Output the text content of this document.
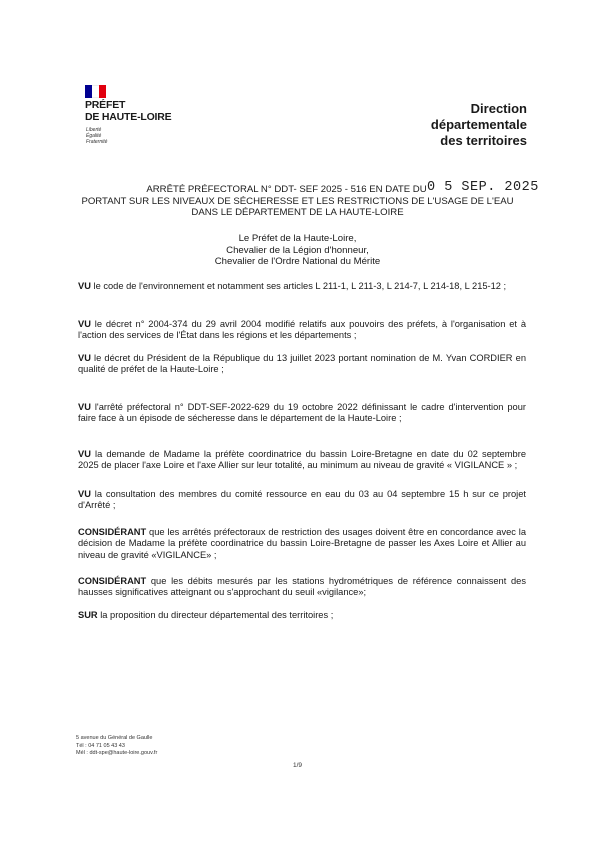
PRÉFET
DE HAUTE-LOIRE
Liberté
Égalité
Fraternité
Direction
départementale
des territoires
ARRÊTÉ PRÉFECTORAL N° DDT- SEF 2025 - 516 EN DATE DU
PORTANT SUR LES NIVEAUX DE SÉCHERESSE ET LES RESTRICTIONS DE L'USAGE DE L'EAU
DANS LE DÉPARTEMENT DE LA HAUTE-LOIRE
0 5 SEP. 2025
Le Préfet de la Haute-Loire,
Chevalier de la Légion d'honneur,
Chevalier de l'Ordre National du Mérite
VU le code de l'environnement et notamment ses articles L 211-1, L 211-3, L 214-7, L 214-18, L 215-12 ;
VU le décret n° 2004-374 du 29 avril 2004 modifié relatifs aux pouvoirs des préfets, à l'organisation et à l'action des services de l'État dans les régions et les départements ;
VU le décret du Président de la République du 13 juillet 2023 portant nomination de M. Yvan CORDIER en qualité de préfet de la Haute-Loire ;
VU l'arrêté préfectoral n° DDT-SEF-2022-629 du 19 octobre 2022 définissant le cadre d'intervention pour faire face à un épisode de sécheresse dans le département de la Haute-Loire ;
VU la demande de Madame la préfète coordinatrice du bassin Loire-Bretagne en date du 02 septembre 2025 de placer l'axe Loire et l'axe Allier sur leur totalité, au minimum au niveau de gravité « VIGILANCE » ;
VU la consultation des membres du comité ressource en eau du 03 au 04 septembre 15 h sur ce projet d'Arrêté ;
CONSIDÉRANT que les arrêtés préfectoraux de restriction des usages doivent être en concordance avec la décision de Madame la préfète coordinatrice du bassin Loire-Bretagne de passer les Axes Loire et Allier au niveau de gravité «VIGILANCE» ;
CONSIDÉRANT que les débits mesurés par les stations hydrométriques de référence connaissent des hausses significatives atteignant ou s'approchant du seuil «vigilance»;
SUR la proposition du directeur départemental des territoires ;
5 avenue du Général de Gaulle
Tél : 04 71 05 43 43
Mél : ddt-spe@haute-loire.gouv.fr
1/9
